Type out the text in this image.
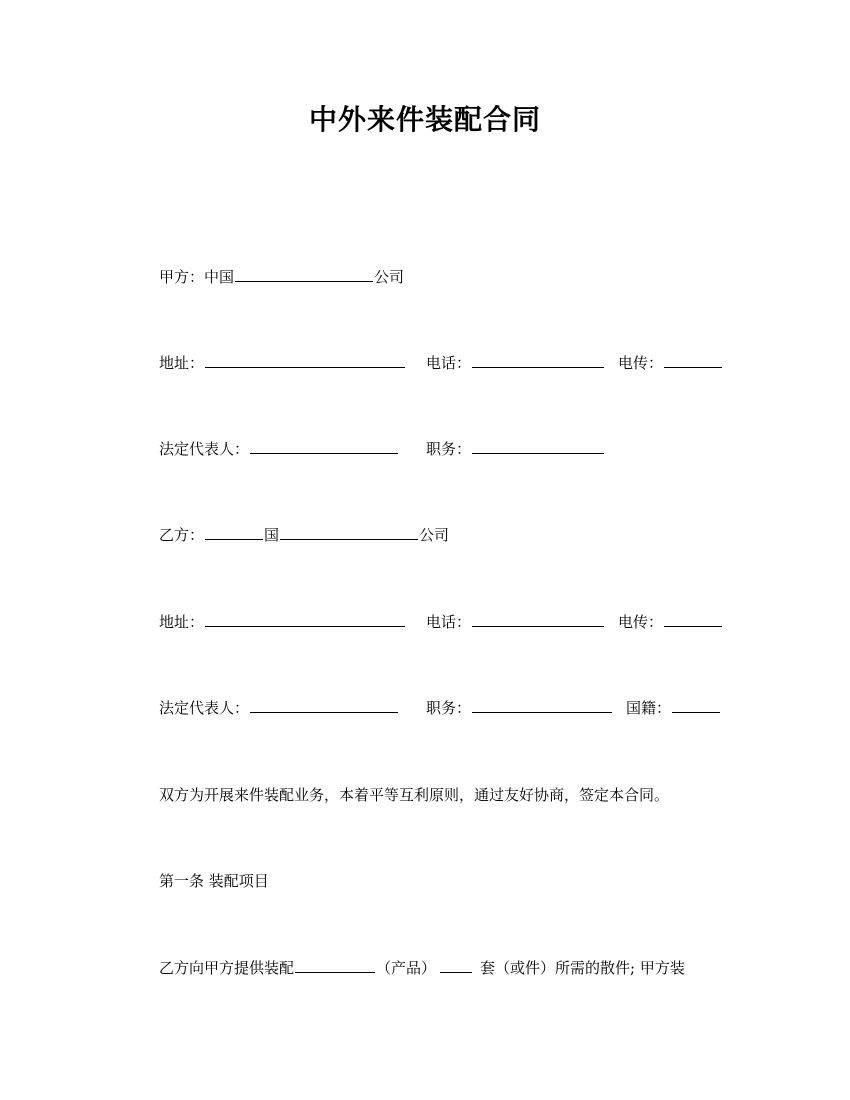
中外来件装配合同
甲方：中国	公司
地址：	电话：	电传：
法定代表人：	职务：
乙方：	国	公司
地址：	电话：	电传：
法定代表人：	职务：	国籍：
双方为开展来件装配业务，本着平等互利原则，通过友好协商，签定本合同。
第一条 装配项目
乙方向甲方提供装配	（产品）	套（或件）所需的散件; 甲方装
